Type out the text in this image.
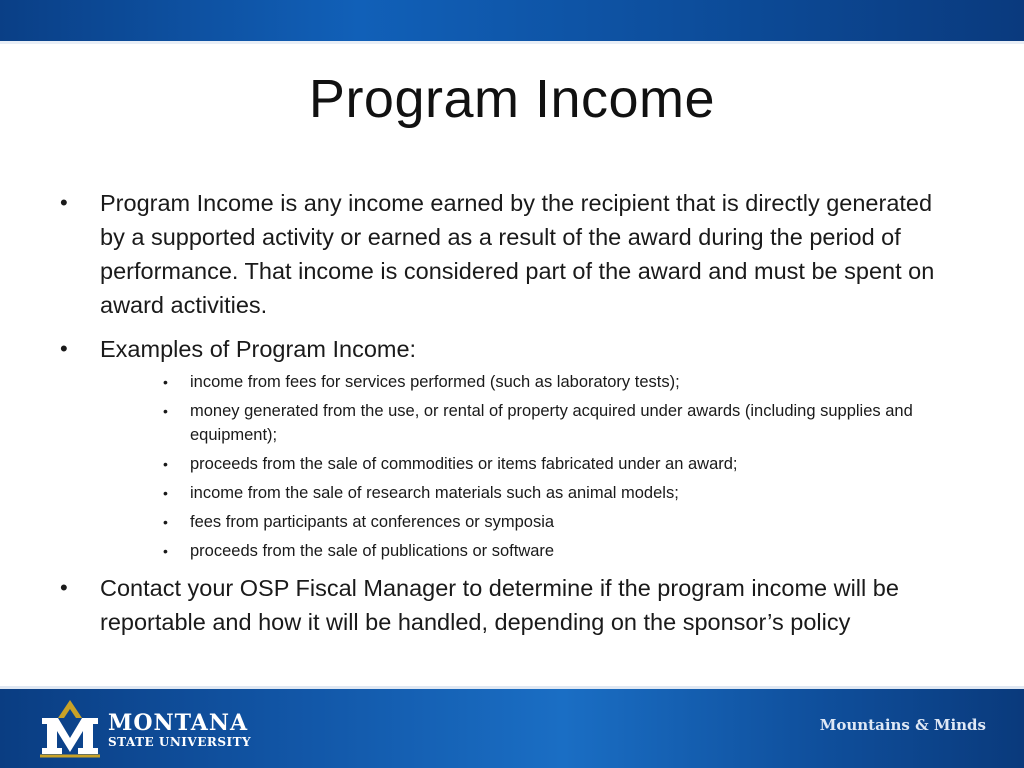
Program Income
• Program Income is any income earned by the recipient that is directly generated by a supported activity or earned as a result of the award during the period of performance. That income is considered part of the award and must be spent on award activities.
• Examples of Program Income:
• income from fees for services performed (such as laboratory tests);
• money generated from the use, or rental of property acquired under awards (including supplies and equipment);
• proceeds from the sale of commodities or items fabricated under an award;
• income from the sale of research materials such as animal models;
• fees from participants at conferences or symposia
• proceeds from the sale of publications or software
• Contact your OSP Fiscal Manager to determine if the program income will be reportable and how it will be handled, depending on the sponsor’s policy
MONTANA
STATE UNIVERSITY
Mountains & Minds
